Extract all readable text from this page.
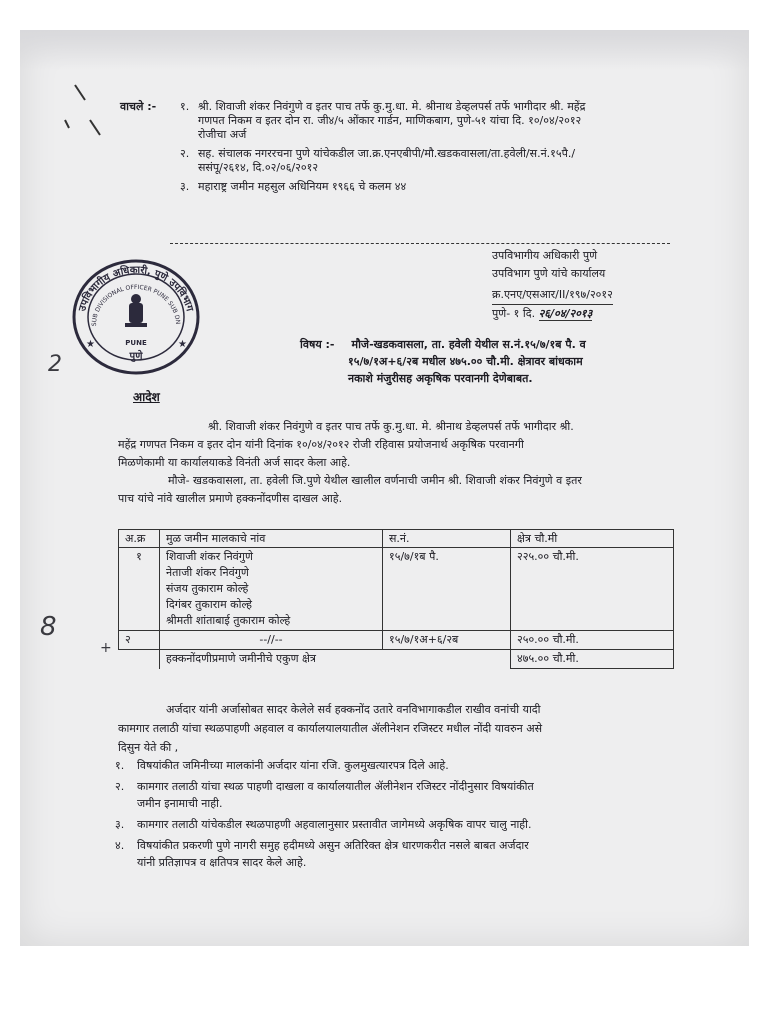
वाचले :-	१. श्री. शिवाजी शंकर निवंगुणे व इतर पाच तर्फे कु.मु.धा. मे. श्रीनाथ डेव्हलपर्स तर्फे भागीदार श्री. महेंद्र
गणपत निकम व इतर दोन रा. जी४/५ ओंकार गार्डन, माणिकबाग, पुणे-५१ यांचा दि. १०/०४/२०१२
रोजीचा अर्ज
२. सह. संचालक नगररचना पुणे यांचेकडील जा.क्र.एनएबीपी/मौ.खडकवासला/ता.हवेली/स.नं.१५पै./
ससंपू/२६१४, दि.०२/०६/२०१२
३. महाराष्ट्र जमीन महसुल अधिनियम १९६६ चे कलम ४४
उपविभागीय अधिकारी पुणे
उपविभाग पुणे यांचे कार्यालय
क्र.एनए/एसआर/II/१९७/२०१२
पुणे- १ दि. २६/०४/२०१३
उपविभागीय अधिकारी, पुणे उपविभाग
SUB DIVISIONAL OFFICER PUNE SUB DN
PUNE
पुणे
★
★	विषय :- मौजे-खडकवासला, ता. हवेली येथील स.नं.१५/७/१ब पै. व
१५/७/१अ+६/२ब मधील ४७५.०० चौ.मी. क्षेत्रावर बांधकाम
नकाशे मंजुरीसह अकृषिक परवानगी देणेबाबत.
आदेश
श्री. शिवाजी शंकर निवंगुणे व इतर पाच तर्फे कु.मु.धा. मे. श्रीनाथ डेव्हलपर्स तर्फे भागीदार श्री.
महेंद्र गणपत निकम व इतर दोन यांनी दिनांक १०/०४/२०१२ रोजी रहिवास प्रयोजनार्थ अकृषिक परवानगी
मिळणेकामी या कार्यालयाकडे विनंती अर्ज सादर केला आहे.
मौजे- खडकवासला, ता. हवेली जि.पुणे येथील खालील वर्णनाची जमीन श्री. शिवाजी शंकर निवंगुणे व इतर
पाच यांचे नांवे खालील प्रमाणे हक्कनोंदणीस दाखल आहे.
अ.क्र	मुळ जमीन मालकाचे नांव	स.नं.	क्षेत्र चौ.मी
१	शिवाजी शंकर निवंगुणे
नेताजी शंकर निवंगुणे
संजय तुकाराम कोल्हे
दिगंबर तुकाराम कोल्हे
श्रीमती शांताबाई तुकाराम कोल्हे	१५/७/१ब पै.	२२५.०० चौ.मी.
२	--//--	१५/७/१अ+६/२ब	२५०.०० चौ.मी.
	हक्कनोंदणीप्रमाणे जमीनीचे एकुण क्षेत्र		४७५.०० चौ.मी.
अर्जदार यांनी अर्जासोबत सादर केलेले सर्व हक्कनोंद उतारे वनविभागाकडील राखीव वनांची यादी
कामगार तलाठी यांचा स्थळपाहणी अहवाल व कार्यालयालयातील ॲलीनेशन रजिस्टर मधील नोंदी यावरुन असे
दिसुन येते की ,
१.	विषयांकीत जमिनीच्या मालकांनी अर्जदार यांना रजि. कुलमुखत्यारपत्र दिले आहे.
२.	कामगार तलाठी यांचा स्थळ पाहणी दाखला व कार्यालयातील ॲलीनेशन रजिस्टर नोंदीनुसार विषयांकीत
जमीन इनामाची नाही.
३.	कामगार तलाठी यांचेकडील स्थळपाहणी अहवालानुसार प्रस्तावीत जागेमध्ये अकृषिक वापर चालु नाही.
४.	विषयांकीत प्रकरणी पुणे नागरी समुह हदीमध्ये असुन अतिरिक्त क्षेत्र धारणकरीत नसले बाबत अर्जदार
यांनी प्रतिज्ञापत्र व क्षतिपत्र सादर केले आहे.
2
8
+
